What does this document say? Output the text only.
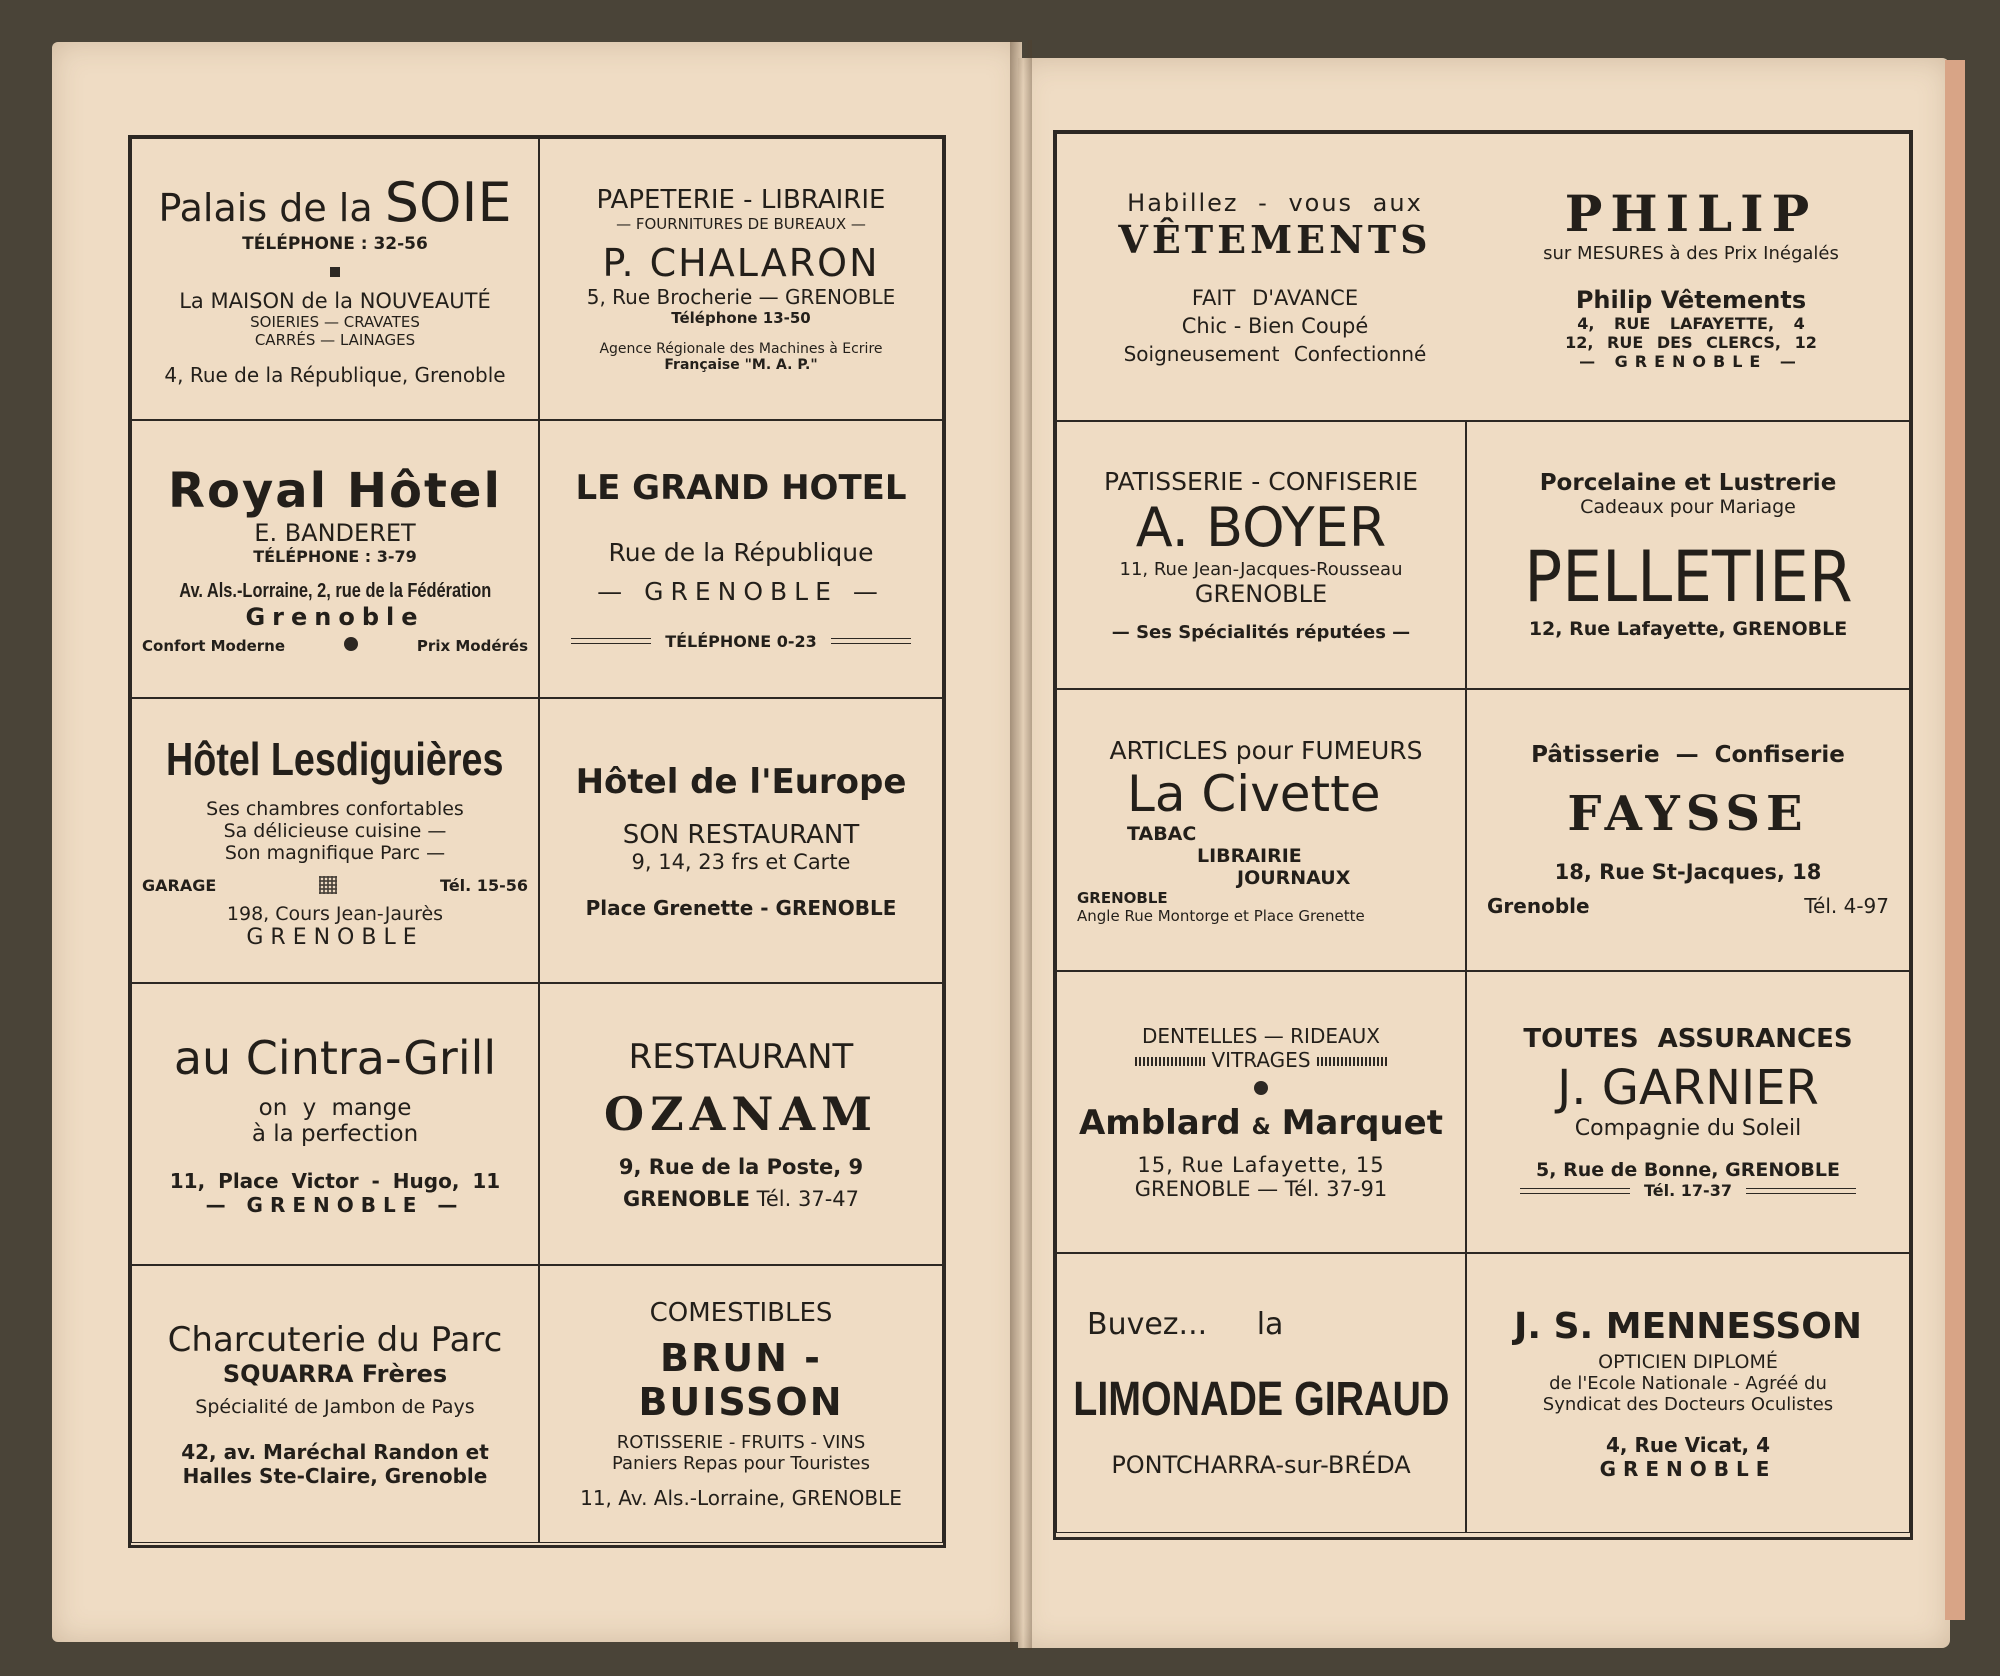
Palais de la SOIE
TÉLÉPHONE : 32-56
La MAISON de la NOUVEAUTÉ
SOIERIES — CRAVATES
CARRÉS — LAINAGES
4, Rue de la République, Grenoble
PAPETERIE - LIBRAIRIE
— FOURNITURES DE BUREAUX —
P. CHALARON
5, Rue Brocherie — GRENOBLE
Téléphone 13-50
Agence Régionale des Machines à Ecrire
Française "M. A. P."
Royal Hôtel
E. BANDERET
TÉLÉPHONE : 3-79
Av. Als.-Lorraine, 2, rue de la Fédération
Grenoble
Confort Moderne	Prix Modérés
LE GRAND HOTEL
Rue de la République
— GRENOBLE —
TÉLÉPHONE 0-23
Hôtel Lesdiguières
Ses chambres confortables
Sa délicieuse cuisine —
Son magnifique Parc —
GARAGE	Tél. 15-56
198, Cours Jean-Jaurès
GRENOBLE
Hôtel de l'Europe
SON RESTAURANT
9, 14, 23 frs et Carte
Place Grenette - GRENOBLE
au Cintra-Grill
on y mange
à la perfection
11, Place Victor - Hugo, 11
— GRENOBLE —
RESTAURANT
OZANAM
9, Rue de la Poste, 9
GRENOBLE Tél. 37-47
Charcuterie du Parc
SQUARRA Frères
Spécialité de Jambon de Pays
42, av. Maréchal Randon et
Halles Ste-Claire, Grenoble
COMESTIBLES
BRUN - BUISSON
ROTISSERIE - FRUITS - VINS
Paniers Repas pour Touristes
11, Av. Als.-Lorraine, GRENOBLE
Habillez - vous aux
VÊTEMENTS
FAIT D'AVANCE
Chic - Bien Coupé
Soigneusement Confectionné
PHILIP
sur MESURES à des Prix Inégalés
Philip Vêtements
4, RUE LAFAYETTE, 4
12, RUE DES CLERCS, 12
— GRENOBLE —
PATISSERIE - CONFISERIE
A. BOYER
11, Rue Jean-Jacques-Rousseau
GRENOBLE
— Ses Spécialités réputées —
Porcelaine et Lustrerie
Cadeaux pour Mariage
PELLETIER
12, Rue Lafayette, GRENOBLE
ARTICLES pour FUMEURS
La Civette
TABAC
LIBRAIRIE
JOURNAUX
GRENOBLE
Angle Rue Montorge et Place Grenette
Pâtisserie — Confiserie
FAYSSE
18, Rue St-Jacques, 18
Grenoble	Tél. 4-97
DENTELLES — RIDEAUX
VITRAGES
Amblard & Marquet
15, Rue Lafayette, 15
GRENOBLE — Tél. 37-91
TOUTES ASSURANCES
J. GARNIER
Compagnie du Soleil
5, Rue de Bonne, GRENOBLE
Tél. 17-37
Buvez... la
LIMONADE GIRAUD
PONTCHARRA-sur-BRÉDA
J. S. MENNESSON
OPTICIEN DIPLOMÉ
de l'Ecole Nationale - Agréé du
Syndicat des Docteurs Oculistes
4, Rue Vicat, 4
GRENOBLE
